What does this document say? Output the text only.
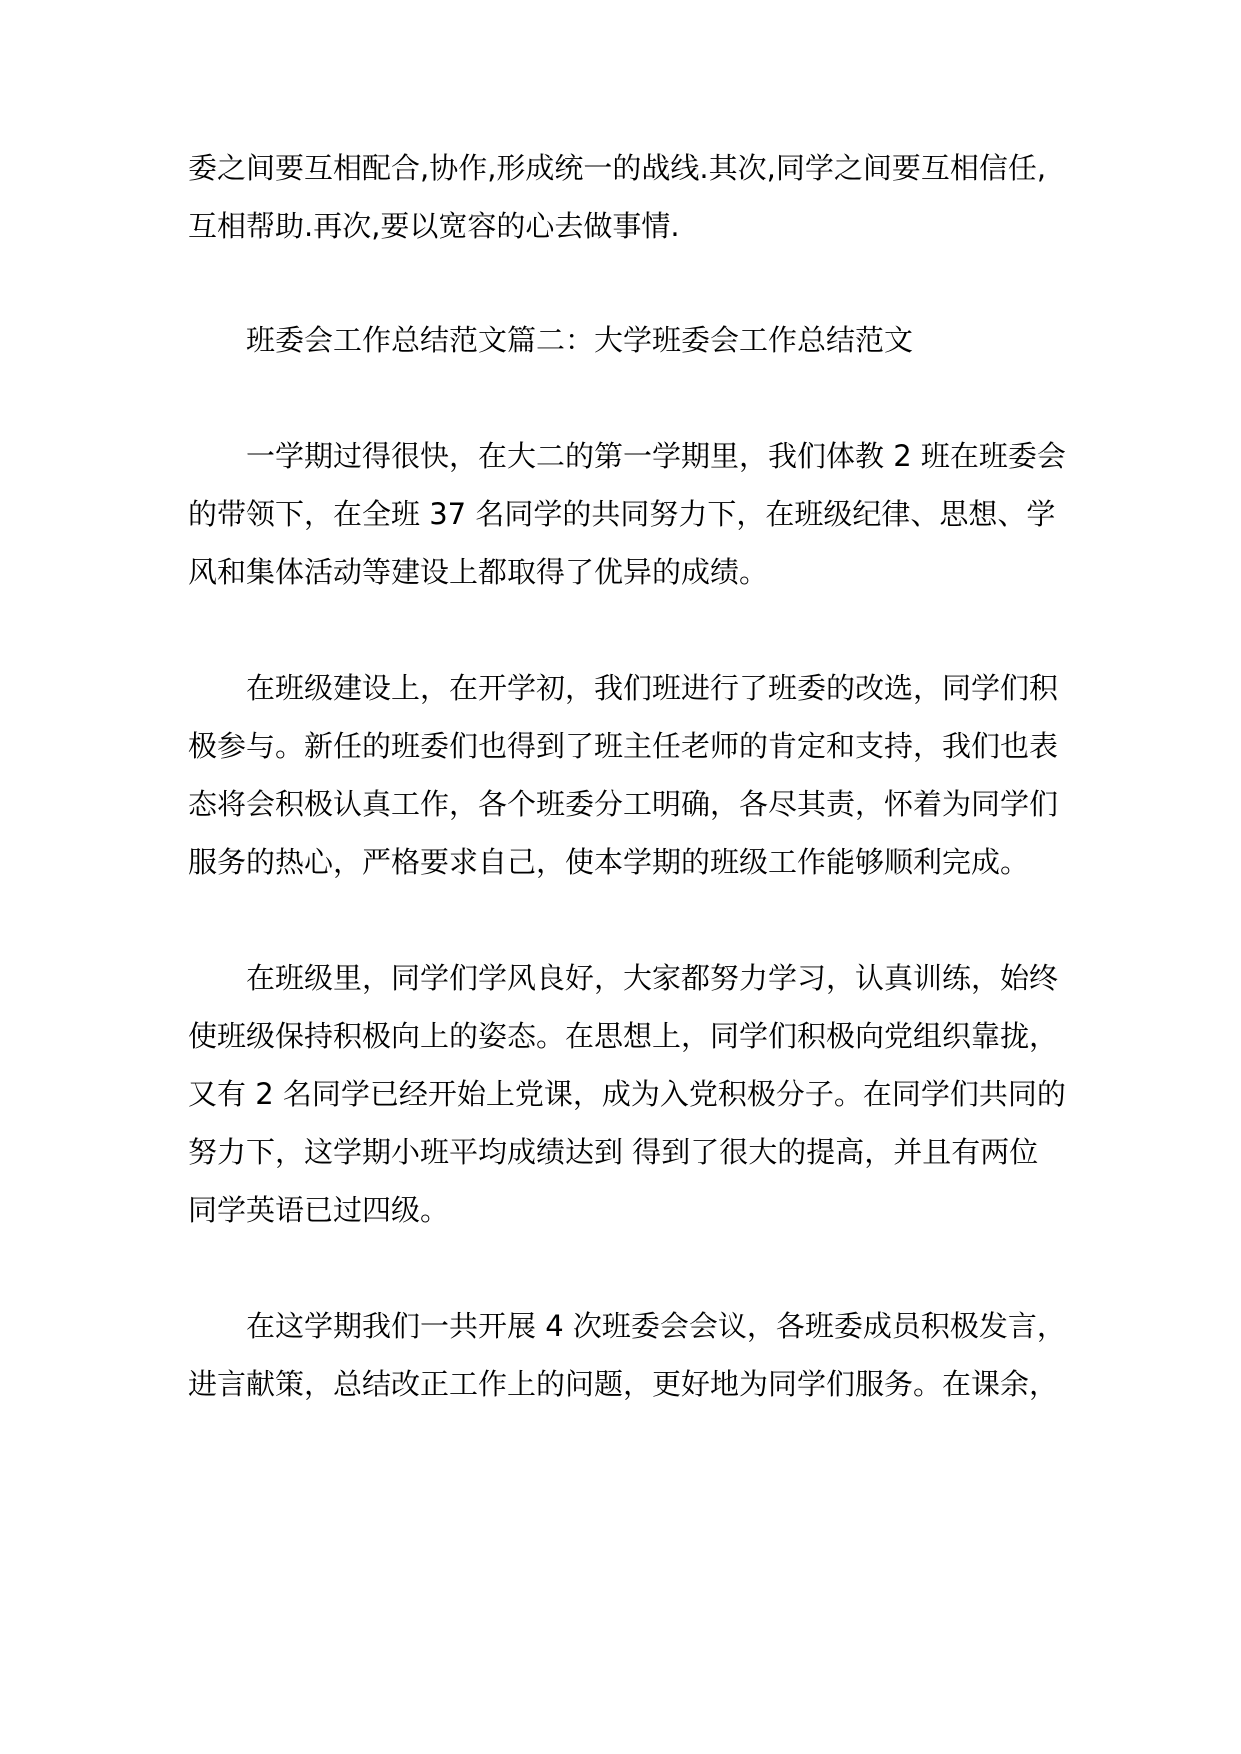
委之间要互相配合,协作,形成统一的战线.其次,同学之间要互相信任,
互相帮助.再次,要以宽容的心去做事情.
班委会工作总结范文篇二：大学班委会工作总结范文
一学期过得很快，在大二的第一学期里，我们体教 2 班在班委会
的带领下，在全班 37 名同学的共同努力下，在班级纪律、思想、学
风和集体活动等建设上都取得了优异的成绩。
在班级建设上，在开学初，我们班进行了班委的改选，同学们积
极参与。新任的班委们也得到了班主任老师的肯定和支持，我们也表
态将会积极认真工作，各个班委分工明确，各尽其责，怀着为同学们
服务的热心，严格要求自己，使本学期的班级工作能够顺利完成。
在班级里，同学们学风良好，大家都努力学习，认真训练，始终
使班级保持积极向上的姿态。在思想上，同学们积极向党组织靠拢，
又有 2 名同学已经开始上党课，成为入党积极分子。在同学们共同的
努力下，这学期小班平均成绩达到 得到了很大的提高，并且有两位
同学英语已过四级。
在这学期我们一共开展 4 次班委会会议，各班委成员积极发言，
进言献策，总结改正工作上的问题，更好地为同学们服务。在课余，
